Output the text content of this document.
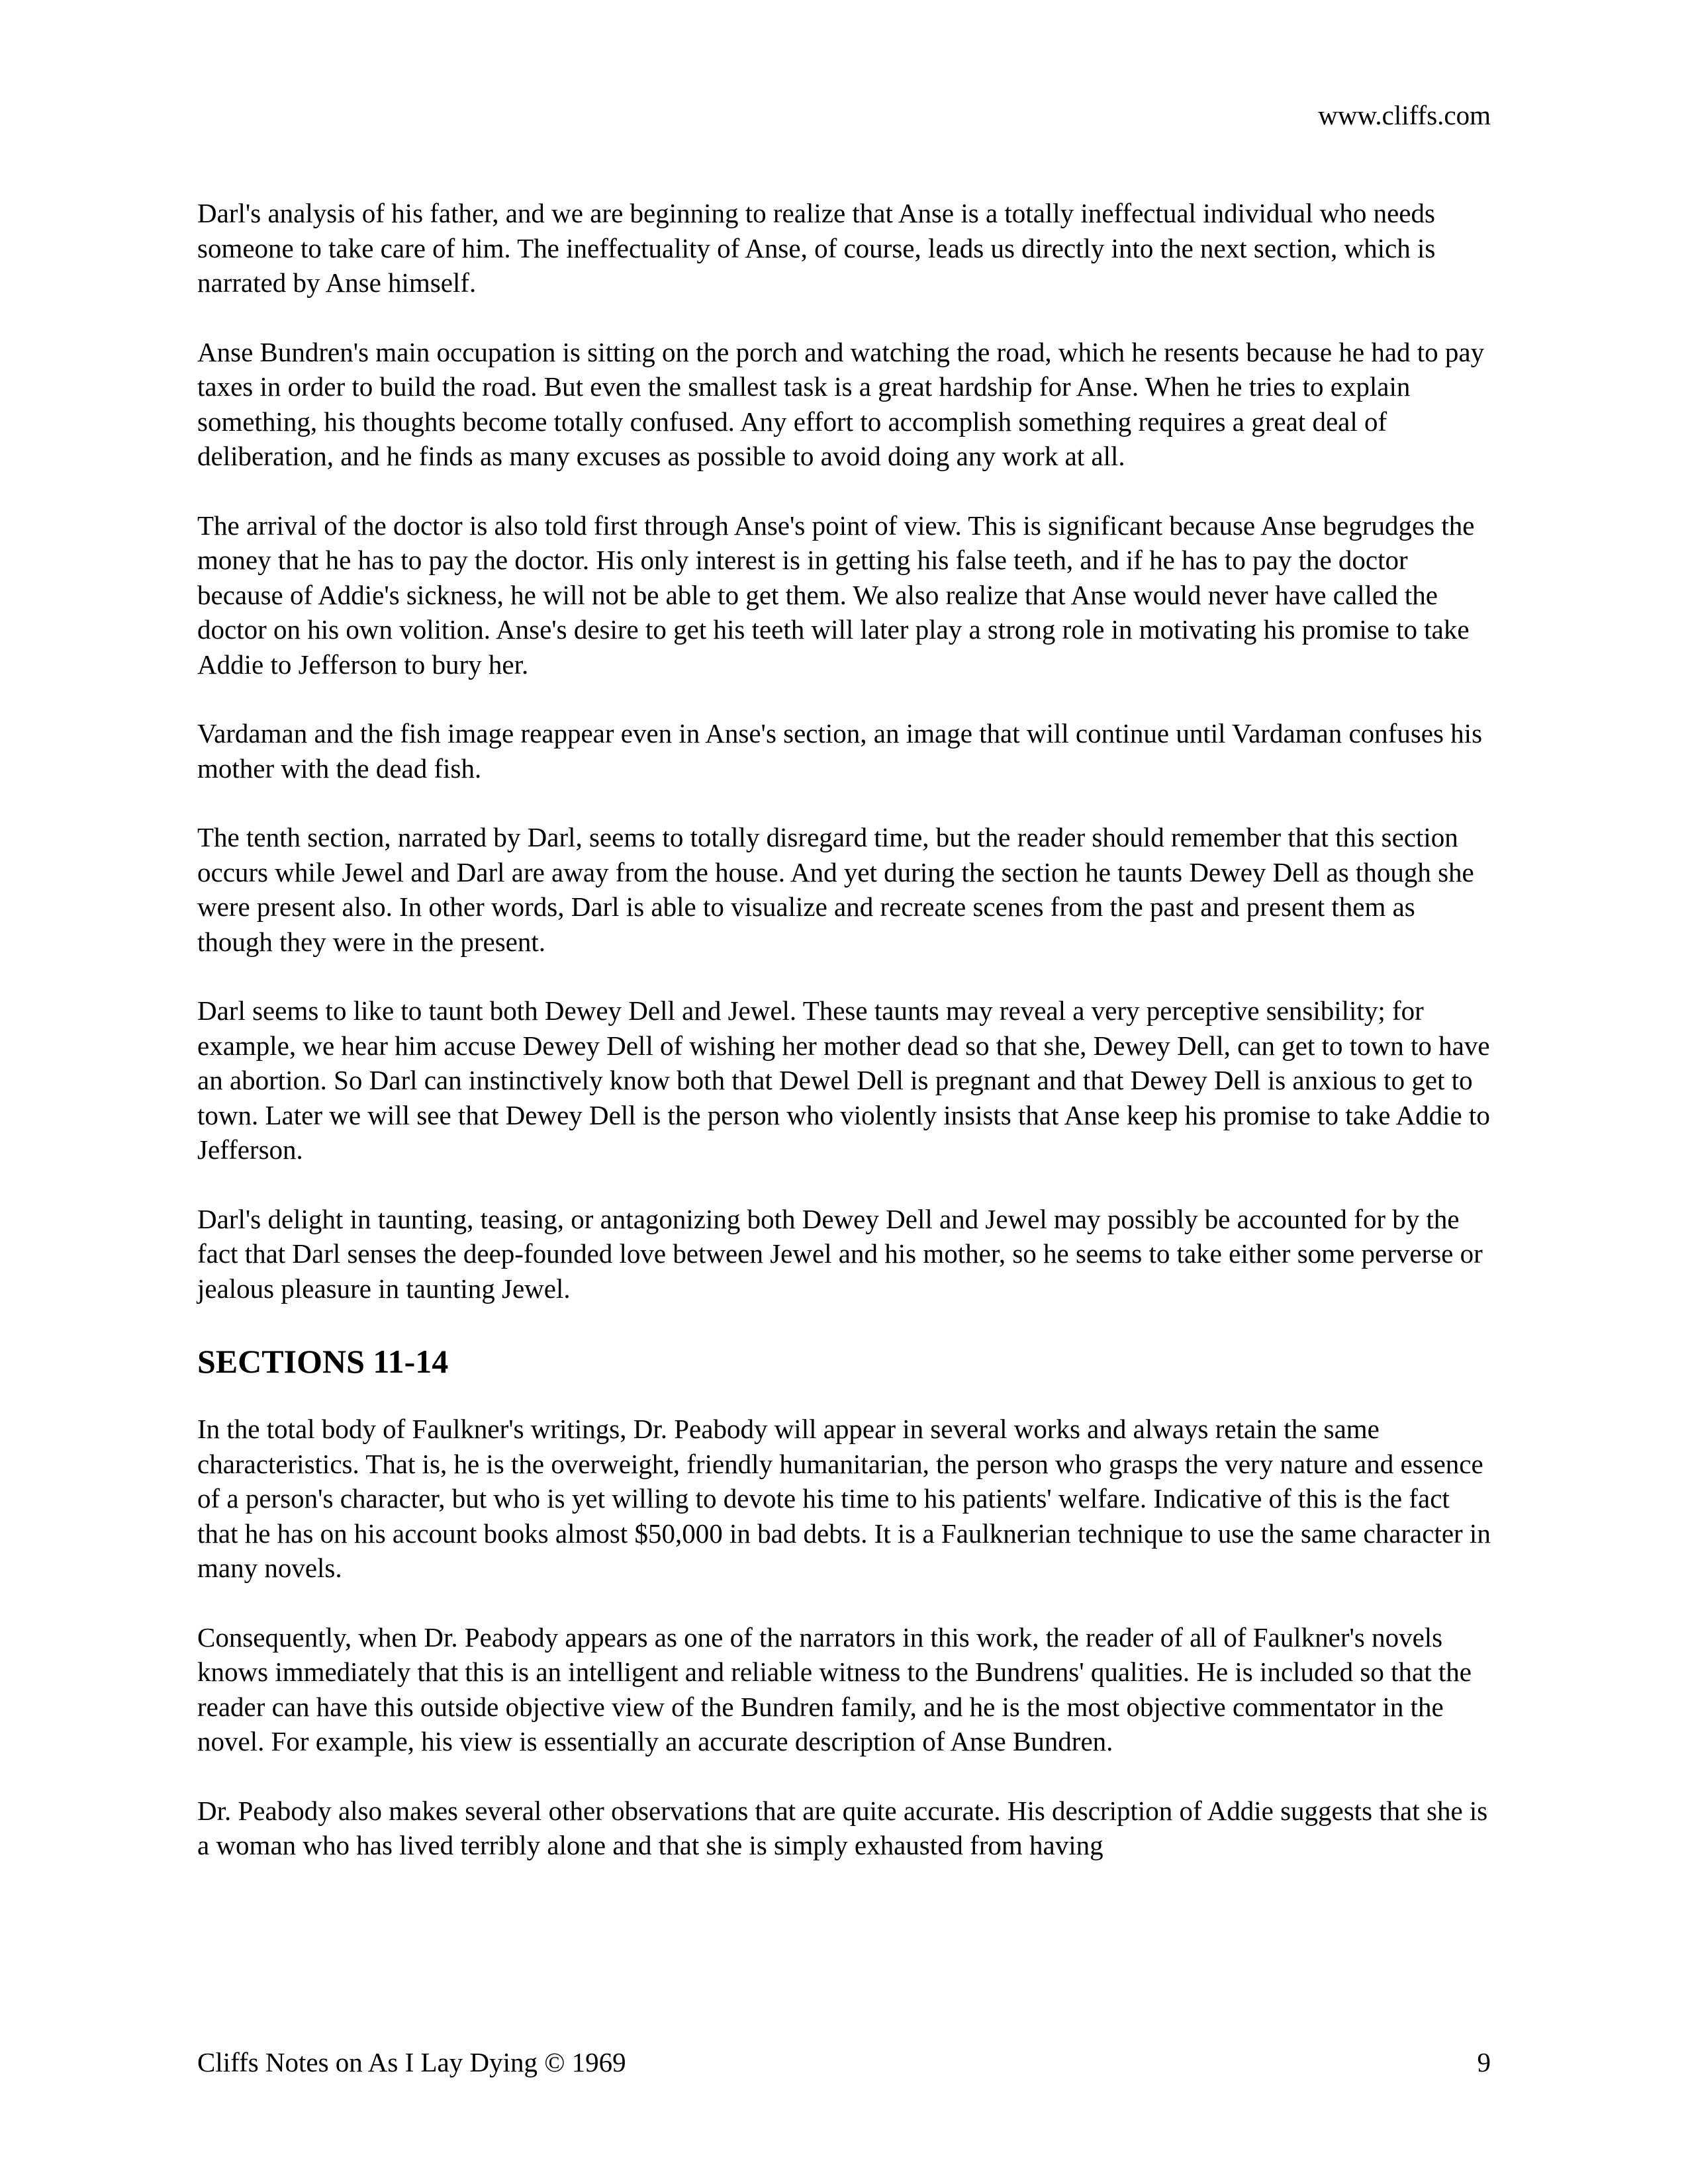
www.cliffs.com

Darl's analysis of his father, and we are beginning to realize that Anse is a totally ineffectual individual who needs someone to take care of him. The ineffectuality of Anse, of course, leads us directly into the next section, which is narrated by Anse himself.

Anse Bundren's main occupation is sitting on the porch and watching the road, which he resents because he had to pay taxes in order to build the road. But even the smallest task is a great hardship for Anse. When he tries to explain something, his thoughts become totally confused. Any effort to accomplish something requires a great deal of deliberation, and he finds as many excuses as possible to avoid doing any work at all.

The arrival of the doctor is also told first through Anse's point of view. This is significant because Anse begrudges the money that he has to pay the doctor. His only interest is in getting his false teeth, and if he has to pay the doctor because of Addie's sickness, he will not be able to get them. We also realize that Anse would never have called the doctor on his own volition. Anse's desire to get his teeth will later play a strong role in motivating his promise to take Addie to Jefferson to bury her.

Vardaman and the fish image reappear even in Anse's section, an image that will continue until Vardaman confuses his mother with the dead fish.

The tenth section, narrated by Darl, seems to totally disregard time, but the reader should remember that this section occurs while Jewel and Darl are away from the house. And yet during the section he taunts Dewey Dell as though she were present also. In other words, Darl is able to visualize and recreate scenes from the past and present them as though they were in the present.

Darl seems to like to taunt both Dewey Dell and Jewel. These taunts may reveal a very perceptive sensibility; for example, we hear him accuse Dewey Dell of wishing her mother dead so that she, Dewey Dell, can get to town to have an abortion. So Darl can instinctively know both that Dewel Dell is pregnant and that Dewey Dell is anxious to get to town. Later we will see that Dewey Dell is the person who violently insists that Anse keep his promise to take Addie to Jefferson.

Darl's delight in taunting, teasing, or antagonizing both Dewey Dell and Jewel may possibly be accounted for by the fact that Darl senses the deep-founded love between Jewel and his mother, so he seems to take either some perverse or jealous pleasure in taunting Jewel.

SECTIONS 11-14

In the total body of Faulkner's writings, Dr. Peabody will appear in several works and always retain the same characteristics. That is, he is the overweight, friendly humanitarian, the person who grasps the very nature and essence of a person's character, but who is yet willing to devote his time to his patients' welfare. Indicative of this is the fact that he has on his account books almost $50,000 in bad debts. It is a Faulknerian technique to use the same character in many novels.

Consequently, when Dr. Peabody appears as one of the narrators in this work, the reader of all of Faulkner's novels knows immediately that this is an intelligent and reliable witness to the Bundrens' qualities. He is included so that the reader can have this outside objective view of the Bundren family, and he is the most objective commentator in the novel. For example, his view is essentially an accurate description of Anse Bundren.

Dr. Peabody also makes several other observations that are quite accurate. His description of Addie suggests that she is a woman who has lived terribly alone and that she is simply exhausted from having

Cliffs Notes on As I Lay Dying © 1969	9
